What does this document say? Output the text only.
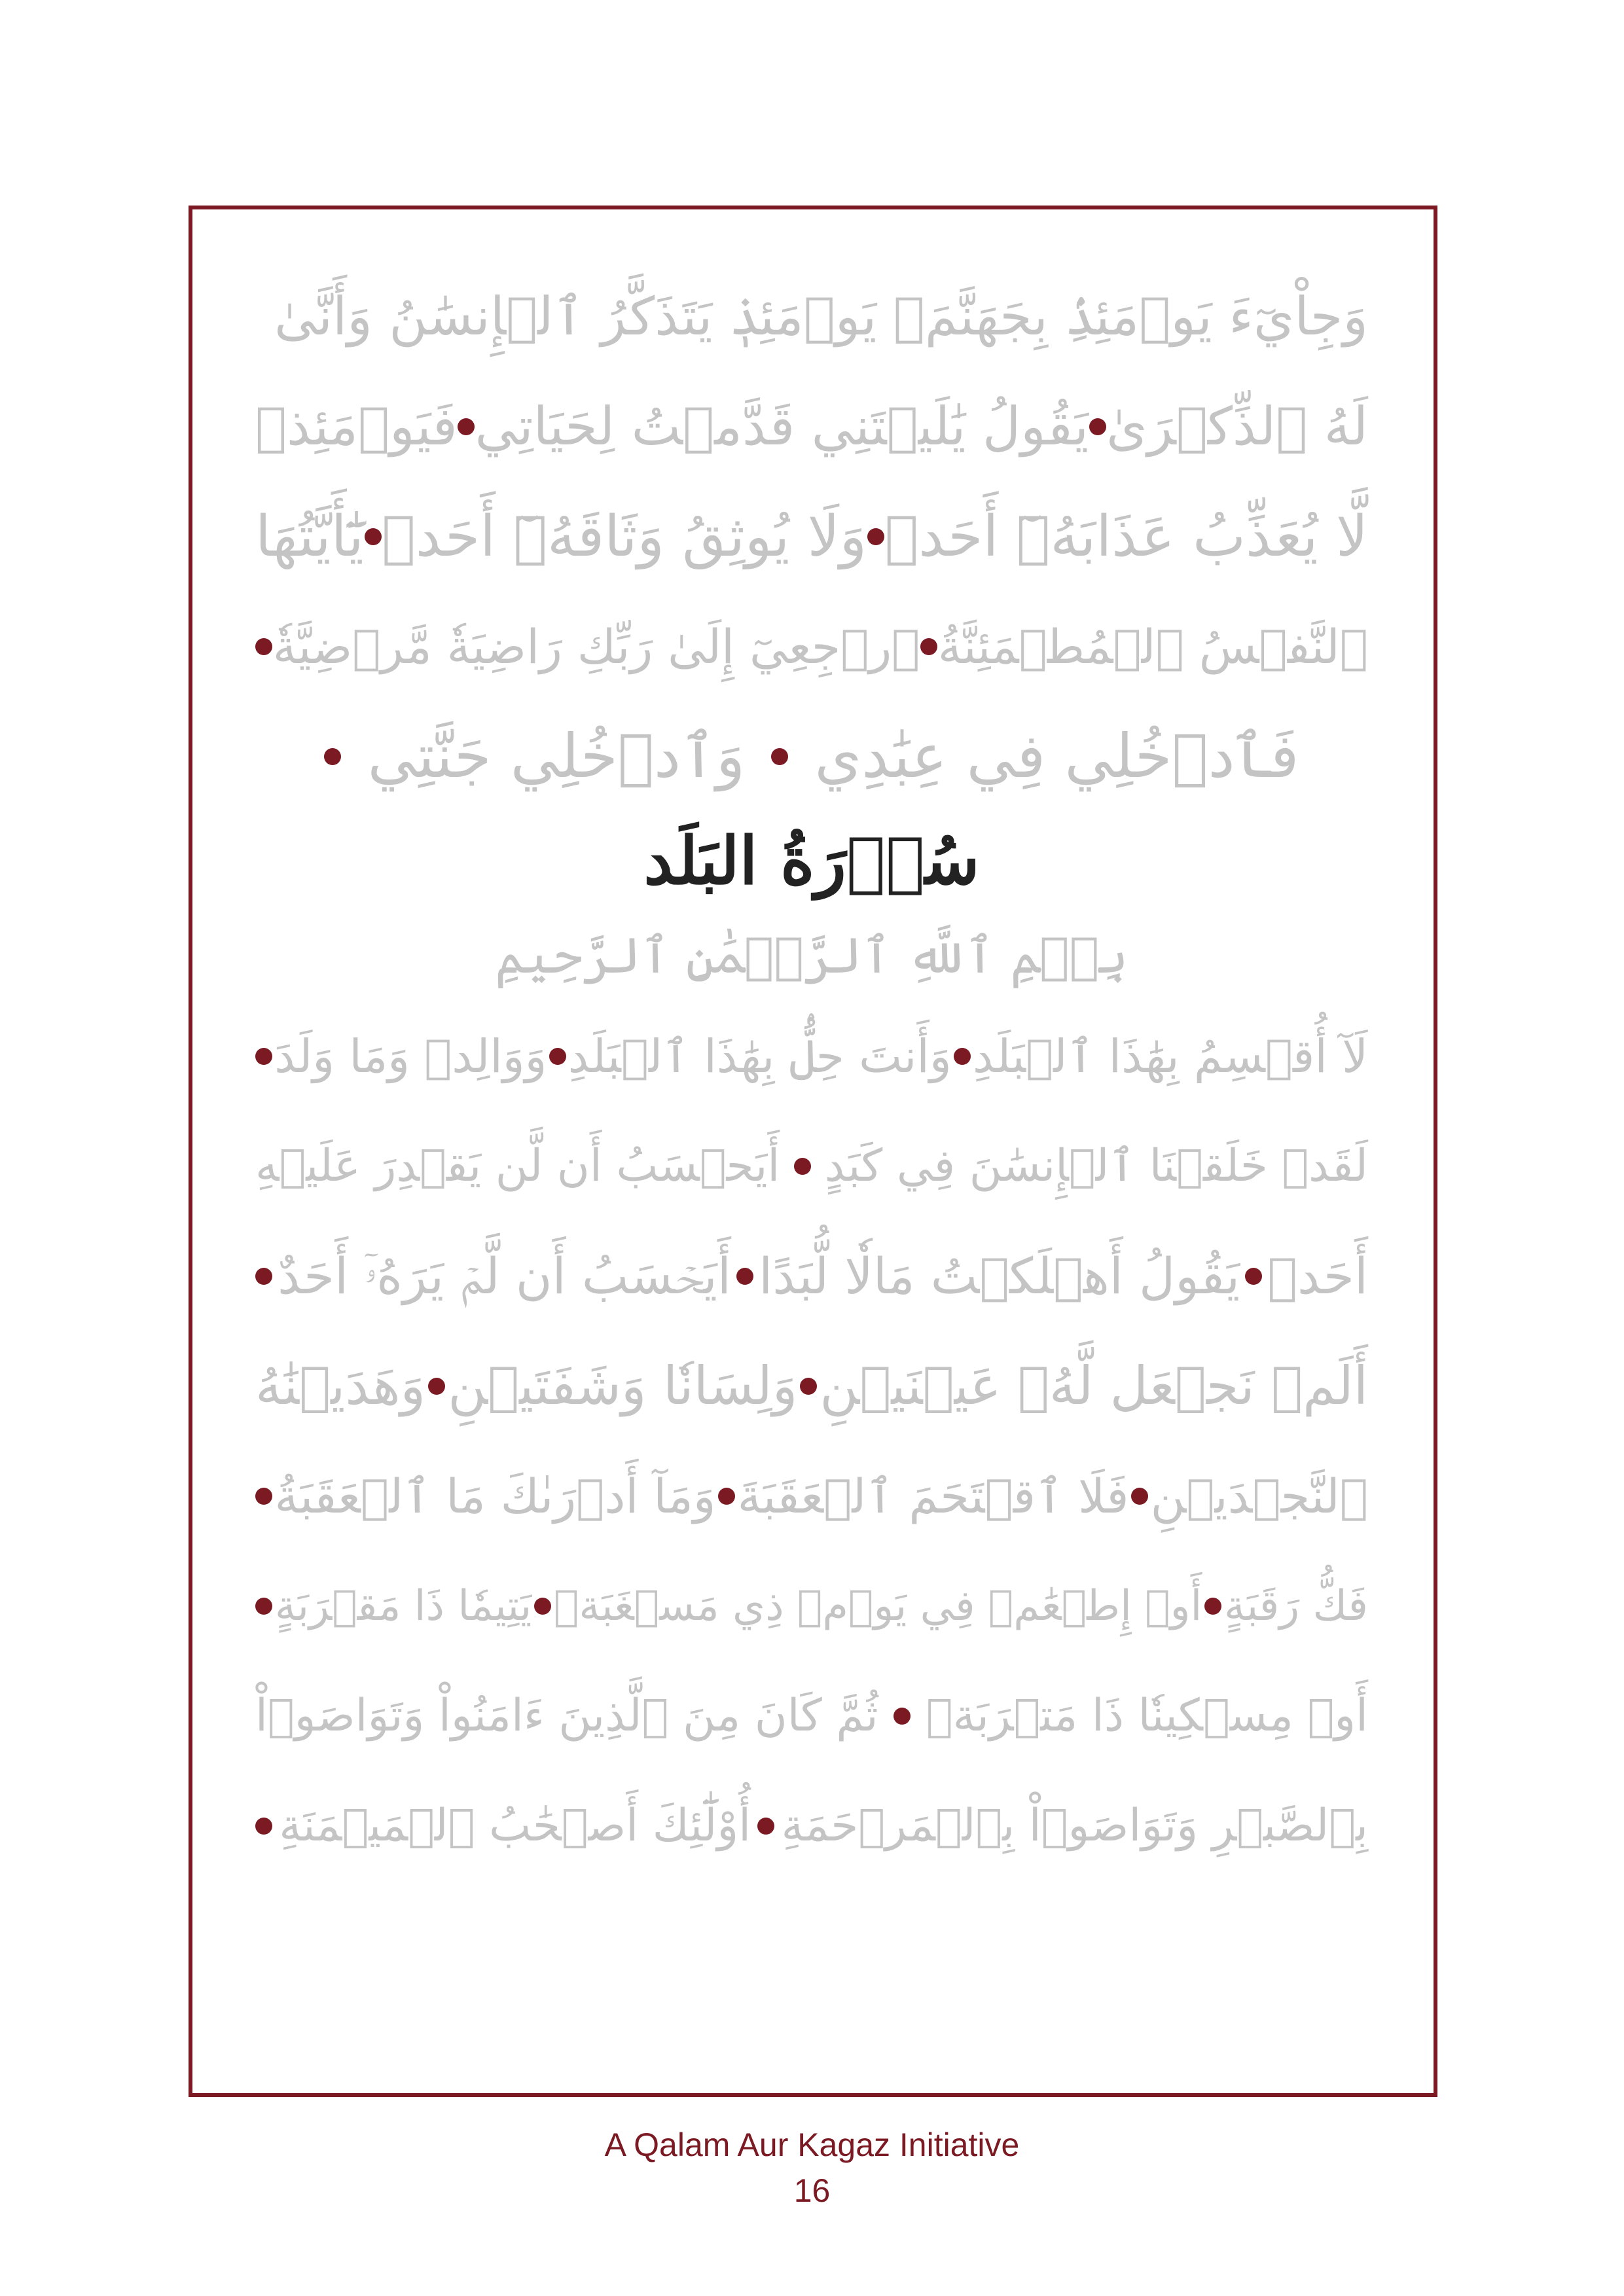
وَجِاْيٓءَ يَوۡمَئِذِۢ بِجَهَنَّمَۚ يَوۡمَئِذٖ يَتَذَكَّرُ ٱلۡإِنسَٰنُ وَأَنَّىٰ
لَهُ ٱلذِّكۡرَىٰ
يَقُولُ يَٰلَيۡتَنِي قَدَّمۡتُ لِحَيَاتِي
فَيَوۡمَئِذٖ
لَّا يُعَذِّبُ عَذَابَهُۥٓ أَحَدٞ
وَلَا يُوثِقُ وَثَاقَهُۥٓ أَحَدٞ
يَٰٓأَيَّتُهَا
ٱلنَّفۡسُ ٱلۡمُطۡمَئِنَّةُ
ٱرۡجِعِيٓ إِلَىٰ رَبِّكِ رَاضِيَةٗ مَّرۡضِيَّةٗ
فَٱدۡخُلِي فِي عِبَٰدِي
وَٱدۡخُلِي جَنَّتِي
سُوۡرَةُ البَلَد
بِسۡمِ ٱللَّهِ ٱلرَّحۡمَٰنِ ٱلرَّحِيمِ
لَآ أُقۡسِمُ بِهَٰذَا ٱلۡبَلَدِ
وَأَنتَ حِلُّۢ بِهَٰذَا ٱلۡبَلَدِ
وَوَالِدٖ وَمَا وَلَدَ
لَقَدۡ خَلَقۡنَا ٱلۡإِنسَٰنَ فِي كَبَدٍ
أَيَحۡسَبُ أَن لَّن يَقۡدِرَ عَلَيۡهِ
أَحَدٞ
يَقُولُ أَهۡلَكۡتُ مَالٗا لُّبَدًا
أَيَحۡسَبُ أَن لَّمۡ يَرَهُۥٓ أَحَدٌ
أَلَمۡ نَجۡعَل لَّهُۥ عَيۡنَيۡنِ
وَلِسَانٗا وَشَفَتَيۡنِ
وَهَدَيۡنَٰهُ
ٱلنَّجۡدَيۡنِ
فَلَا ٱقۡتَحَمَ ٱلۡعَقَبَةَ
وَمَآ أَدۡرَىٰكَ مَا ٱلۡعَقَبَةُ
فَكُّ رَقَبَةٍ
أَوۡ إِطۡعَٰمٞ فِي يَوۡمٖ ذِي مَسۡغَبَةٖ
يَتِيمٗا ذَا مَقۡرَبَةٍ
أَوۡ مِسۡكِينٗا ذَا مَتۡرَبَةٖ
ثُمَّ كَانَ مِنَ ٱلَّذِينَ ءَامَنُواْ وَتَوَاصَوۡاْ
بِٱلصَّبۡرِ وَتَوَاصَوۡاْ بِٱلۡمَرۡحَمَةِ
أُوْلَٰٓئِكَ أَصۡحَٰبُ ٱلۡمَيۡمَنَةِ
A Qalam Aur Kagaz Initiative
16
